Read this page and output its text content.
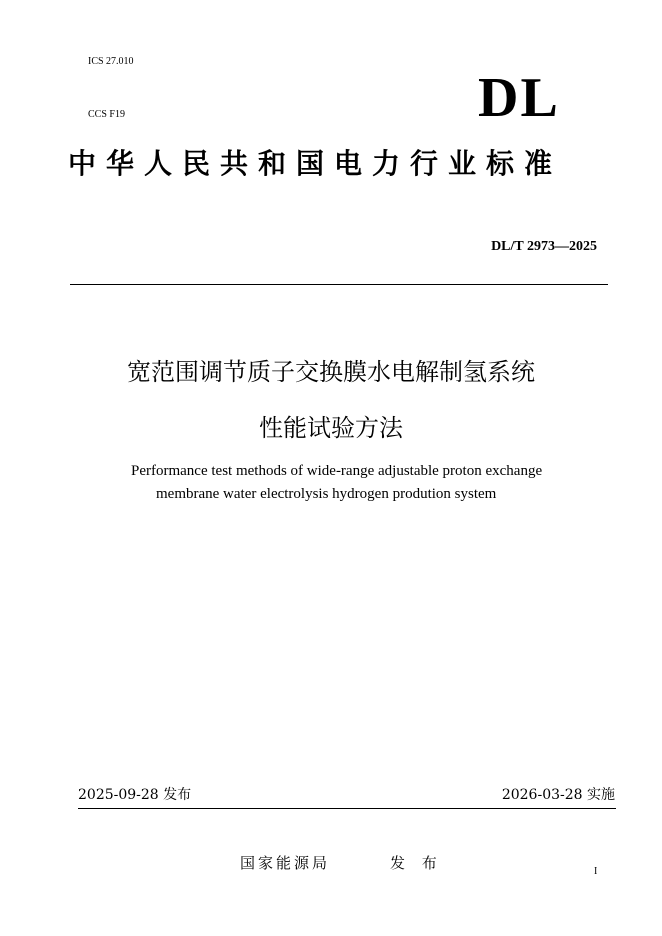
ICS 27.010
CCS F19	DL
中华人民共和国电力行业标准
DL/T 2973—2025
宽范围调节质子交换膜水电解制氢系统
性能试验方法
Performance test methods of wide-range adjustable proton exchange
membrane water electrolysis hydrogen prodution system
2025-09-28 发布	2026-03-28 实施
国家能源局	发 布	I
